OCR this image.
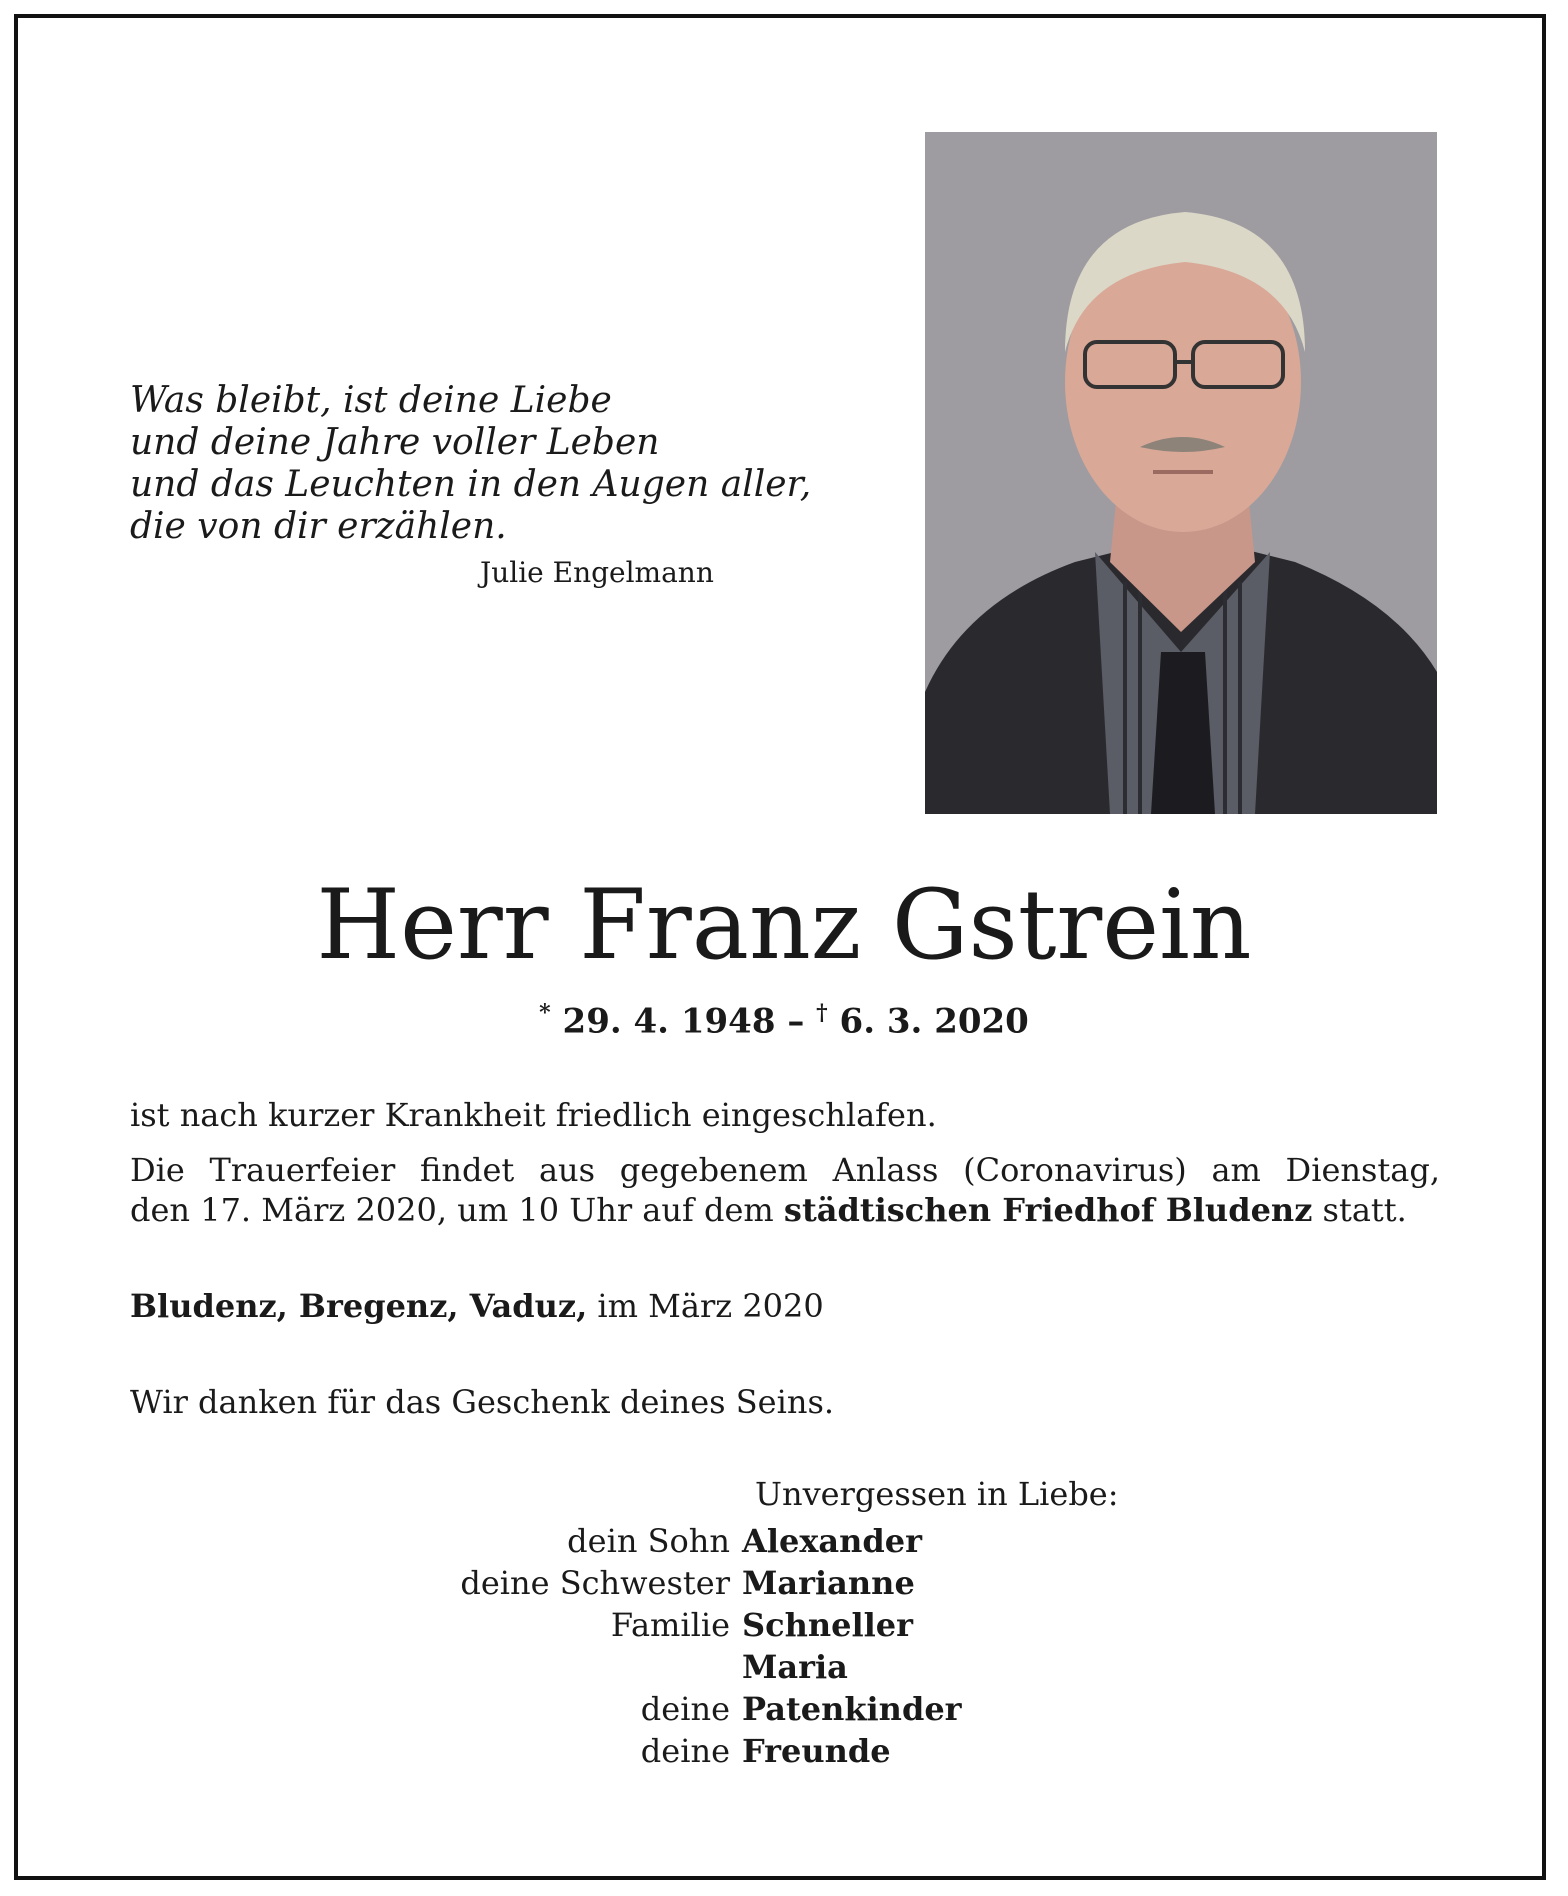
Was bleibt, ist deine Liebe
und deine Jahre voller Leben
und das Leuchten in den Augen aller,
die von dir erzählen.
Julie Engelmann
Herr Franz Gstrein
* 29. 4. 1948 – † 6. 3. 2020
ist nach kurzer Krankheit friedlich eingeschlafen.
Die Trauerfeier findet aus gegebenem Anlass (Coronavirus) am Dienstag,
den 17. März 2020, um 10 Uhr auf dem städtischen Friedhof Bludenz statt.
Bludenz, Bregenz, Vaduz, im März 2020
Wir danken für das Geschenk deines Seins.
Unvergessen in Liebe:
dein Sohn Alexander
deine Schwester Marianne
Familie Schneller
Maria
deine Patenkinder
deine Freunde
